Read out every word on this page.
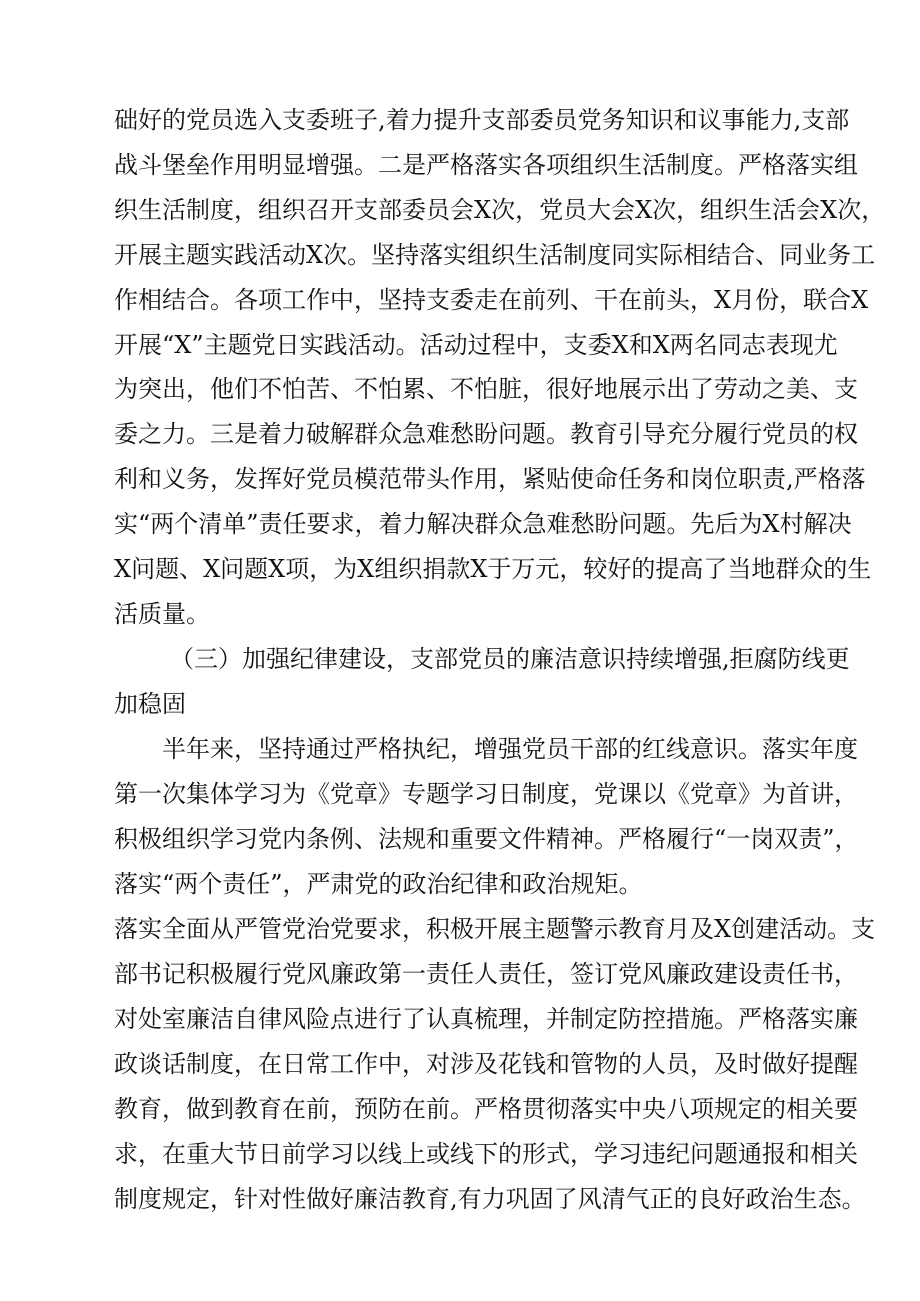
础好的党员选入支委班子,着力提升支部委员党务知识和议事能力,支部
战斗堡垒作用明显增强。二是严格落实各项组织生活制度。严格落实组
织生活制度，组织召开支部委员会X次，党员大会X次，组织生活会X次，
开展主题实践活动X次。坚持落实组织生活制度同实际相结合、同业务工
作相结合。各项工作中，坚持支委走在前列、干在前头，X月份，联合X
开展“X”主题党日实践活动。活动过程中，支委X和X两名同志表现尤
为突出，他们不怕苦、不怕累、不怕脏，很好地展示出了劳动之美、支
委之力。三是着力破解群众急难愁盼问题。教育引导充分履行党员的权
利和义务，发挥好党员模范带头作用，紧贴使命任务和岗位职责,严格落
实“两个清单”责任要求，着力解决群众急难愁盼问题。先后为X村解决
X问题、X问题X项，为X组织捐款X于万元，较好的提高了当地群众的生
活质量。
（三）加强纪律建设，支部党员的廉洁意识持续增强,拒腐防线更
加稳固
半年来，坚持通过严格执纪，增强党员干部的红线意识。落实年度
第一次集体学习为《党章》专题学习日制度，党课以《党章》为首讲，
积极组织学习党内条例、法规和重要文件精神。严格履行“一岗双责”，
落实“两个责任”，严肃党的政治纪律和政治规矩。
落实全面从严管党治党要求，积极开展主题警示教育月及X创建活动。支
部书记积极履行党风廉政第一责任人责任，签订党风廉政建设责任书，
对处室廉洁自律风险点进行了认真梳理，并制定防控措施。严格落实廉
政谈话制度，在日常工作中，对涉及花钱和管物的人员，及时做好提醒
教育，做到教育在前，预防在前。严格贯彻落实中央八项规定的相关要
求，在重大节日前学习以线上或线下的形式，学习违纪问题通报和相关
制度规定，针对性做好廉洁教育,有力巩固了风清气正的良好政治生态。
